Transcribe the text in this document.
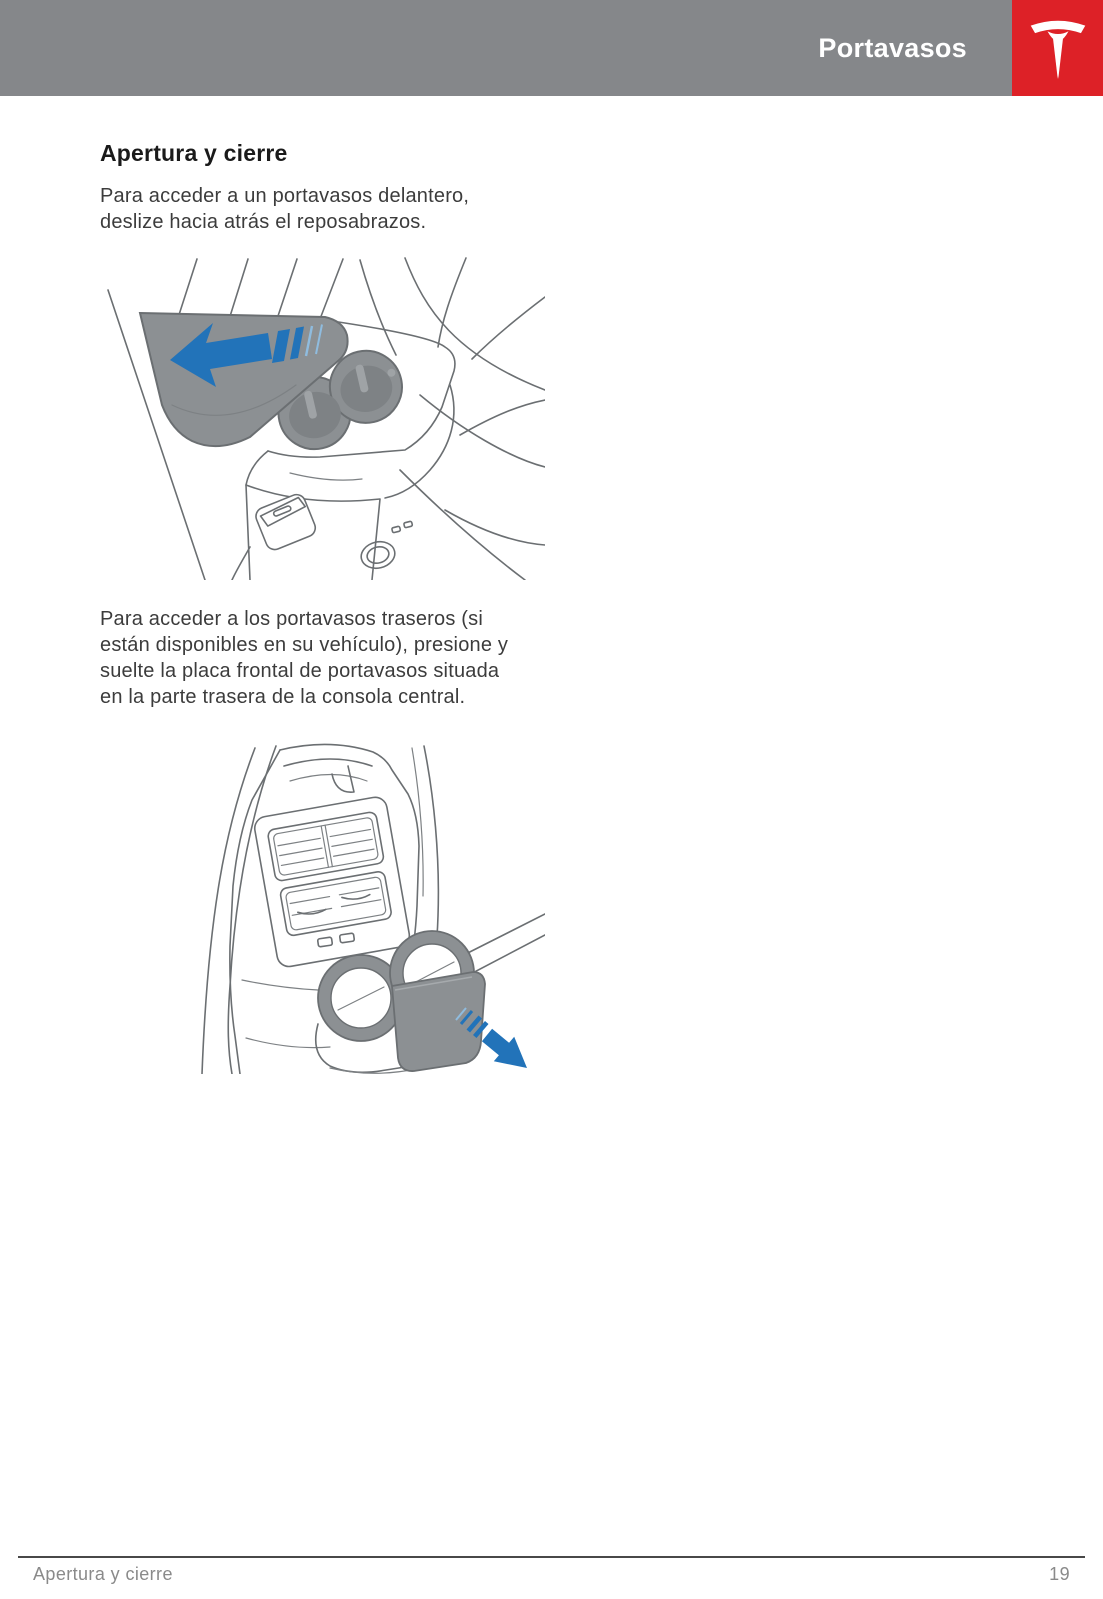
Portavasos
Apertura y cierre

Para acceder a un portavasos delantero, deslize hacia atrás el reposabrazos.

Para acceder a los portavasos traseros (si están disponibles en su vehículo), presione y suelte la placa frontal de portavasos situada en la parte trasera de la consola central.

Apertura y cierre	19
